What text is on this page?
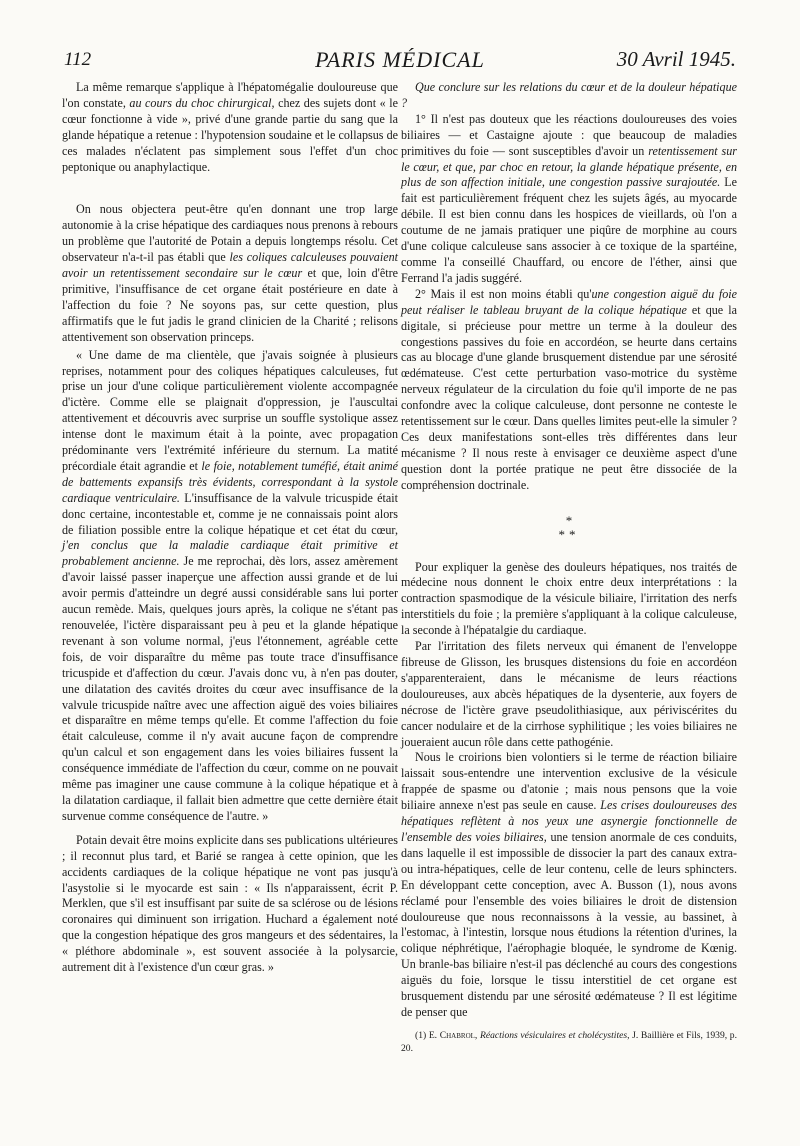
112	PARIS MÉDICAL	30 Avril 1945.

La même remarque s'applique à l'hépatomégalie douloureuse que l'on constate, au cours du choc chirurgical, chez des sujets dont « le cœur fonctionne à vide », privé d'une grande partie du sang que la glande hépatique a retenue : l'hypotension soudaine et le collapsus de ces malades n'éclatent pas simplement sous l'effet d'un choc peptonique ou anaphylactique.

On nous objectera peut-être qu'en donnant une trop large autonomie à la crise hépatique des cardiaques nous prenons à rebours un problème que l'autorité de Potain a depuis longtemps résolu. Cet observateur n'a-t-il pas établi que les coliques calculeuses pouvaient avoir un retentissement secondaire sur le cœur et que, loin d'être primitive, l'insuffisance de cet organe était postérieure en date à l'affection du foie ? Ne soyons pas, sur cette question, plus affirmatifs que le fut jadis le grand clinicien de la Charité ; relisons attentivement son observation princeps.

« Une dame de ma clientèle, que j'avais soignée à plusieurs reprises, notamment pour des coliques hépatiques calculeuses, fut prise un jour d'une colique particulièrement violente accompagnée d'ictère. Comme elle se plaignait d'oppression, je l'auscultai attentivement et découvris avec surprise un souffle systolique assez intense dont le maximum était à la pointe, avec propagation prédominante vers l'extrémité inférieure du sternum. La matité précordiale était agrandie et le foie, notablement tuméfié, était animé de battements expansifs très évidents, correspondant à la systole cardiaque ventriculaire. L'insuffisance de la valvule tricuspide était donc certaine, incontestable et, comme je ne connaissais point alors de filiation possible entre la colique hépatique et cet état du cœur, j'en conclus que la maladie cardiaque était primitive et probablement ancienne. Je me reprochai, dès lors, assez amèrement d'avoir laissé passer inaperçue une affection aussi grande et de lui avoir permis d'atteindre un degré aussi considérable sans lui porter aucun remède. Mais, quelques jours après, la colique ne s'étant pas renouvelée, l'ictère disparaissant peu à peu et la glande hépatique revenant à son volume normal, j'eus l'étonnement, agréable cette fois, de voir disparaître du même pas toute trace d'insuffisance tricuspide et d'affection du cœur. J'avais donc vu, à n'en pas douter, une dilatation des cavités droites du cœur avec insuffisance de la valvule tricuspide naître avec une affection aiguë des voies biliaires et disparaître en même temps qu'elle. Et comme l'affection du foie était calculeuse, comme il n'y avait aucune façon de comprendre qu'un calcul et son engagement dans les voies biliaires fussent la conséquence immédiate de l'affection du cœur, comme on ne pouvait même pas imaginer une cause commune à la colique hépatique et à la dilatation cardiaque, il fallait bien admettre que cette dernière était survenue comme conséquence de l'autre. »

Potain devait être moins explicite dans ses publications ultérieures ; il reconnut plus tard, et Barié se rangea à cette opinion, que les accidents cardiaques de la colique hépatique ne vont pas jusqu'à l'asystolie si le myocarde est sain : « Ils n'apparaissent, écrit P. Merklen, que s'il est insuffisant par suite de sa sclérose ou de lésions coronaires qui diminuent son irrigation. Huchard a également noté que la congestion hépatique des gros mangeurs et des sédentaires, la « pléthore abdominale », est souvent associée à la polysarcie, autrement dit à l'existence d'un cœur gras. »

Que conclure sur les relations du cœur et de la douleur hépatique ?

1° Il n'est pas douteux que les réactions douloureuses des voies biliaires — et Castaigne ajoute : que beaucoup de maladies primitives du foie — sont susceptibles d'avoir un retentissement sur le cœur, et que, par choc en retour, la glande hépatique présente, en plus de son affection initiale, une congestion passive surajoutée. Le fait est particulièrement fréquent chez les sujets âgés, au myocarde débile. Il est bien connu dans les hospices de vieillards, où l'on a coutume de ne jamais pratiquer une piqûre de morphine au cours d'une colique calculeuse sans associer à ce toxique de la spartéine, comme l'a conseillé Chauffard, ou encore de l'éther, ainsi que Ferrand l'a jadis suggéré.

2° Mais il est non moins établi qu'une congestion aiguë du foie peut réaliser le tableau bruyant de la colique hépatique et que la digitale, si précieuse pour mettre un terme à la douleur des congestions passives du foie en accordéon, se heurte dans certains cas au blocage d'une glande brusquement distendue par une sérosité œdémateuse. C'est cette perturbation vaso-motrice du système nerveux régulateur de la circulation du foie qu'il importe de ne pas confondre avec la colique calculeuse, dont personne ne conteste le retentissement sur le cœur. Dans quelles limites peut-elle la simuler ? Ces deux manifestations sont-elles très différentes dans leur mécanisme ? Il nous reste à envisager ce deuxième aspect d'une question dont la portée pratique ne peut être dissociée de la compréhension doctrinale.

*
**

Pour expliquer la genèse des douleurs hépatiques, nos traités de médecine nous donnent le choix entre deux interprétations : la contraction spasmodique de la vésicule biliaire, l'irritation des nerfs interstitiels du foie ; la première s'appliquant à la colique calculeuse, la seconde à l'hépatalgie du cardiaque.

Par l'irritation des filets nerveux qui émanent de l'enveloppe fibreuse de Glisson, les brusques distensions du foie en accordéon s'apparenteraient, dans le mécanisme de leurs réactions douloureuses, aux abcès hépatiques de la dysenterie, aux foyers de nécrose de l'ictère grave pseudolithiasique, aux périviscérites du cancer nodulaire et de la cirrhose syphilitique ; les voies biliaires ne joueraient aucun rôle dans cette pathogénie.

Nous le croirions bien volontiers si le terme de réaction biliaire laissait sous-entendre une intervention exclusive de la vésicule frappée de spasme ou d'atonie ; mais nous pensons que la voie biliaire annexe n'est pas seule en cause. Les crises douloureuses des hépatiques reflètent à nos yeux une asynergie fonctionnelle de l'ensemble des voies biliaires, une tension anormale de ces conduits, dans laquelle il est impossible de dissocier la part des canaux extra- ou intra-hépatiques, celle de leur contenu, celle de leurs sphincters. En développant cette conception, avec A. Busson (1), nous avons réclamé pour l'ensemble des voies biliaires le droit de distension douloureuse que nous reconnaissons à la vessie, au bassinet, à l'estomac, à l'intestin, lorsque nous étudions la rétention d'urines, la colique néphrétique, l'aérophagie bloquée, le syndrome de Kœnig. Un branle-bas biliaire n'est-il pas déclenché au cours des congestions aiguës du foie, lorsque le tissu interstitiel de cet organe est brusquement distendu par une sérosité œdémateuse ? Il est légitime de penser que

(1) E. Chabrol, Réactions vésiculaires et cholécystites, J. Baillière et Fils, 1939, p. 20.
